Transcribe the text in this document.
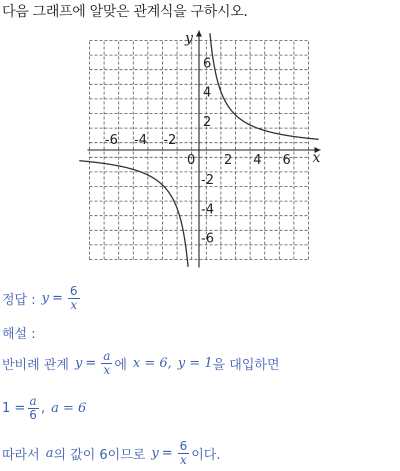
다음 그래프에 알맞은 관계식을 구하시오.
x
y
0
-6 -4 -2
2 4 6
6
4
2
-2
-4
-6
정답 : $y = \frac{6}{x}$
해설 :
반비례 관계 $y = \frac{a}{x}$ 에 x = 6, y = 1 을 대입하면
$1 = \frac{a}{6}$ , a = 6
따라서 a 의 값이 6이므로 $y = \frac{6}{x}$ 이다.
